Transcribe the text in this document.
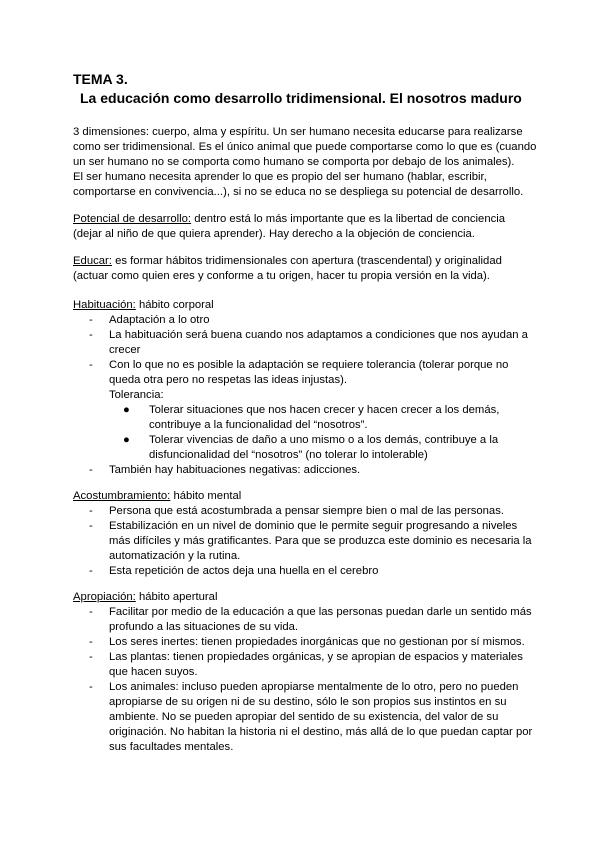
TEMA 3.
La educación como desarrollo tridimensional. El nosotros maduro
3 dimensiones: cuerpo, alma y espíritu. Un ser humano necesita educarse para realizarse
como ser tridimensional. Es el único animal que puede comportarse como lo que es (cuando
un ser humano no se comporta como humano se comporta por debajo de los animales).
El ser humano necesita aprender lo que es propio del ser humano (hablar, escribir,
comportarse en convivencia...), si no se educa no se despliega su potencial de desarrollo.
Potencial de desarrollo: dentro está lo más importante que es la libertad de conciencia
(dejar al niño de que quiera aprender). Hay derecho a la objeción de conciencia.
Educar: es formar hábitos tridimensionales con apertura (trascendental) y originalidad
(actuar como quien eres y conforme a tu origen, hacer tu propia versión en la vida).
Habituación: hábito corporal
- Adaptación a lo otro
- La habituación será buena cuando nos adaptamos a condiciones que nos ayudan a
crecer
- Con lo que no es posible la adaptación se requiere tolerancia (tolerar porque no
queda otra pero no respetas las ideas injustas).
Tolerancia:
● Tolerar situaciones que nos hacen crecer y hacen crecer a los demás,
contribuye a la funcionalidad del “nosotros”.
● Tolerar vivencias de daño a uno mismo o a los demás, contribuye a la
disfuncionalidad del “nosotros” (no tolerar lo intolerable)
- También hay habituaciones negativas: adicciones.
Acostumbramiento: hábito mental
- Persona que está acostumbrada a pensar siempre bien o mal de las personas.
- Estabilización en un nivel de dominio que le permite seguir progresando a niveles
más difíciles y más gratificantes. Para que se produzca este dominio es necesaria la
automatización y la rutina.
- Esta repetición de actos deja una huella en el cerebro
Apropiación: hábito apertural
- Facilitar por medio de la educación a que las personas puedan darle un sentido más
profundo a las situaciones de su vida.
- Los seres inertes: tienen propiedades inorgánicas que no gestionan por sí mismos.
- Las plantas: tienen propiedades orgánicas, y se apropian de espacios y materiales
que hacen suyos.
- Los animales: incluso pueden apropiarse mentalmente de lo otro, pero no pueden
apropiarse de su origen ni de su destino, sólo le son propios sus instintos en su
ambiente. No se pueden apropiar del sentido de su existencia, del valor de su
originación. No habitan la historia ni el destino, más allá de lo que puedan captar por
sus facultades mentales.
